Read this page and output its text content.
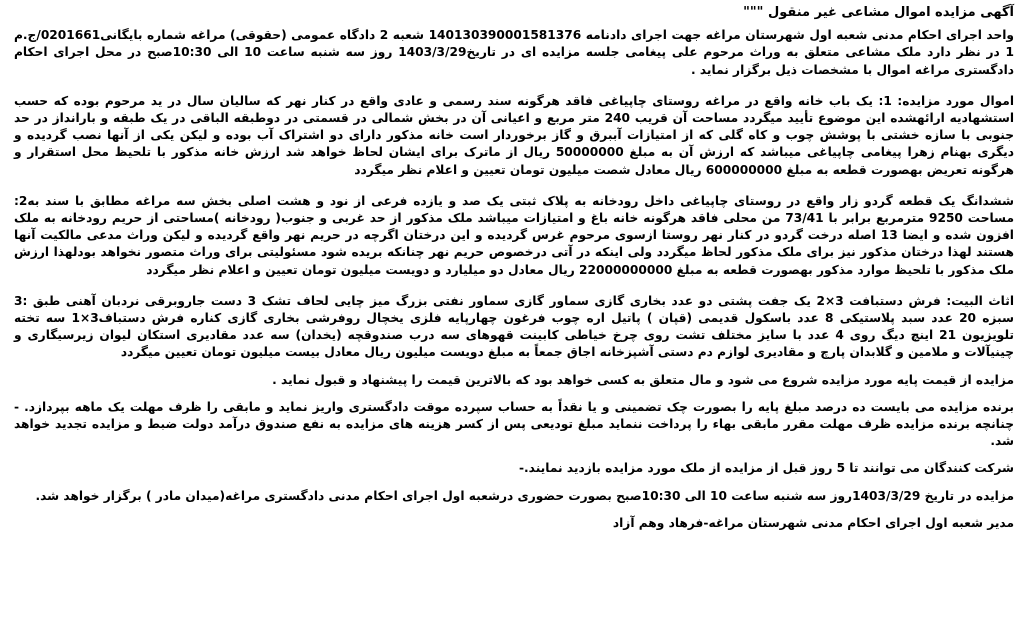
آگهی مزایده اموال مشاعی غیر منقول """

واحد اجرای احکام مدنی شعبه اول شهرستان مراغه جهت اجرای دادنامه 140130390001581376 شعبه 2 دادگاه عمومی (حقوقی) مراغه شماره بایگانی0201661/ج.م 1 در نظر دارد ملک مشاعی متعلق به وراث مرحوم علی پیغامی جلسه مزایده ای در تاریخ1403/3/29 روز سه شنبه ساعت 10 الی 10:30صبح در محل اجرای احکام دادگستری مراغه اموال با مشخصات ذیل برگزار نماید .

اموال مورد مزایده: 1: یک باب خانه واقع در مراغه روستای چاپیاغی فاقد هرگونه سند رسمی و عادی واقع در کنار نهر که سالیان سال در ید مرحوم بوده که حسب استشهادیه ارائهشده این موضوع تأیید میگردد مساحت آن قریب 240 متر مربع و اعیانی آن در بخش شمالی در قسمتی در دوطبقه الباقی در یک طبقه و بارانداز در حد جنوبی با سازه خشتی با پوشش چوب و کاه گلی که از امتیازات آببرق و گاز برخوردار است خانه مذکور دارای دو اشتراک آب بوده و لیکن یکی از آنها نصب گردیده و دیگری بهنام زهرا پیغامی چاپیاغی میباشد که ارزش آن به مبلغ 50000000 ریال از ماترک برای ایشان لحاظ خواهد شد ارزش خانه مذکور با تلحیظ محل استقرار و هرگونه تعریض بهصورت قطعه به مبلغ 600000000 ریال معادل شصت میلیون تومان تعیین و اعلام نظر میگردد

ششدانگ یک قطعه گردو زار واقع در روستای چاپیاغی داخل رودخانه به پلاک ثبتی یک صد و یازده فرعی از نود و هشت اصلی بخش سه مراغه مطابق با سند به2: مساحت 9250 مترمربع برابر با 73/41 من محلی فاقد هرگونه خانه باغ و امتیازات میباشد ملک مذکور از حد غربی و جنوب( رودخانه )مساحتی از حریم رودخانه به ملک افزون شده و ایضا 13 اصله درخت گردو در کنار نهر روستا ازسوی مرحوم غرس گردیده و این درختان اگرچه در حریم نهر واقع گردیده و لیکن وراث مدعی مالکیت آنها هستند لهذا درختان مذکور نیز برای ملک مذکور لحاظ میگردد ولی اینکه در آتی درخصوص حریم نهر چنانکه بریده شود مسئولیتی برای وراث متصور نخواهد بودلهذا ارزش ملک مذکور با تلحیظ موارد مذکور بهصورت قطعه به مبلغ 22000000000 ریال معادل دو میلیارد و دویست میلیون تومان تعیین و اعلام نظر میگردد

اثاث البیت: فرش دستبافت 3×2 یک جفت پشتی دو عدد بخاری گازی سماور گازی سماور نفتی بزرگ میز چایی لحاف تشک 3 دست جاروبرقی نردبان آهنی طبق :3 سبزه 20 عدد سبد پلاستیکی 8 عدد باسکول قدیمی (قپان ) پاتیل اره چوب فرغون چهارپایه فلزی یخچال روفرشی بخاری گازی کناره فرش دستباف3×1 سه تخته تلویزیون 21 اینچ دیگ روی 4 عدد با سایز مختلف تشت روی چرخ خیاطی کابینت قهوهای سه درب صندوقچه (یخدان) سه عدد مقادیری استکان لیوان زیرسیگاری و چینیآلات و ملامین و گلابدان پارچ و مقادیری لوازم دم دستی آشپزخانه اجاق جمعاً به مبلغ دویست میلیون ریال معادل بیست میلیون تومان تعیین میگردد

مزایده از قیمت پایه مورد مزایده شروع می شود و مال متعلق به کسی خواهد بود که بالاترین قیمت را پیشنهاد و قبول نماید .

برنده مزایده می بایست ده درصد مبلغ پایه را بصورت چک تضمینی و یا نقداً به حساب سپرده موقت دادگستری واریز نماید و مابقی را ظرف مهلت یک ماهه بپردازد. - چنانچه برنده مزایده ظرف مهلت مقرر مابقی بهاء را پرداخت ننماید مبلغ تودیعی پس از کسر هزینه های مزایده به نفع صندوق درآمد دولت ضبط و مزایده تجدید خواهد شد.

شرکت کنندگان می توانند تا 5 روز قبل از مزایده از ملک مورد مزایده بازدید نمایند.-

مزایده در تاریخ 1403/3/29روز سه شنبه ساعت 10 الی 10:30صبح بصورت حضوری درشعبه اول اجرای احکام مدنی دادگستری مراغه(میدان مادر ) برگزار خواهد شد.

مدیر شعبه اول اجرای احکام مدنی شهرستان مراغه-فرهاد وهم آزاد
